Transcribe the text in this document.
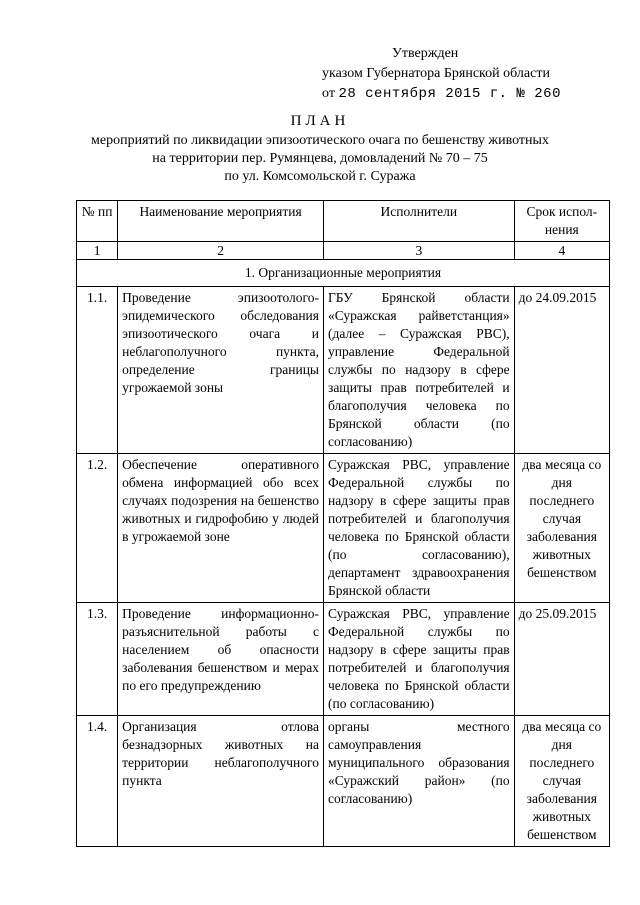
Утвержден
указом Губернатора Брянской области
от 28 сентября 2015 г. № 260
ПЛАН
мероприятий по ликвидации эпизоотического очага по бешенству животных
на территории пер. Румянцева, домовладений № 70 – 75
по ул. Комсомольской г. Суража
№ пп	Наименование мероприятия	Исполнители	Срок испол-нения
1	2	3	4
1. Организационные мероприятия			
1.1.	Проведение эпизоотолого-эпидемического обследования эпизоотического очага и неблагополучного пункта, определение границы угрожаемой зоны	ГБУ Брянской области «Суражская райветстанция» (далее – Суражская РВС), управление Федеральной службы по надзору в сфере защиты прав потребителей и благополучия человека по Брянской области (по согласованию)	до 24.09.2015
1.2.	Обеспечение оперативного обмена информацией обо всех случаях подозрения на бешенство животных и гидрофобию у людей в угрожаемой зоне	Суражская РВС, управление Федеральной службы по надзору в сфере защиты прав потребителей и благополучия человека по Брянской области (по согласованию), департамент здравоохранения Брянской области	два месяца со дня последнего случая заболевания животных бешенством
1.3.	Проведение информационно-разъяснительной работы с населением об опасности заболевания бешенством и мерах по его предупреждению	Суражская РВС, управление Федеральной службы по надзору в сфере защиты прав потребителей и благополучия человека по Брянской области (по согласованию)	до 25.09.2015
1.4.	Организация отлова безнадзорных животных на территории неблагополучного пункта	органы местного самоуправления муниципального образования «Суражский район» (по согласованию)	два месяца со дня последнего случая заболевания животных бешенством
